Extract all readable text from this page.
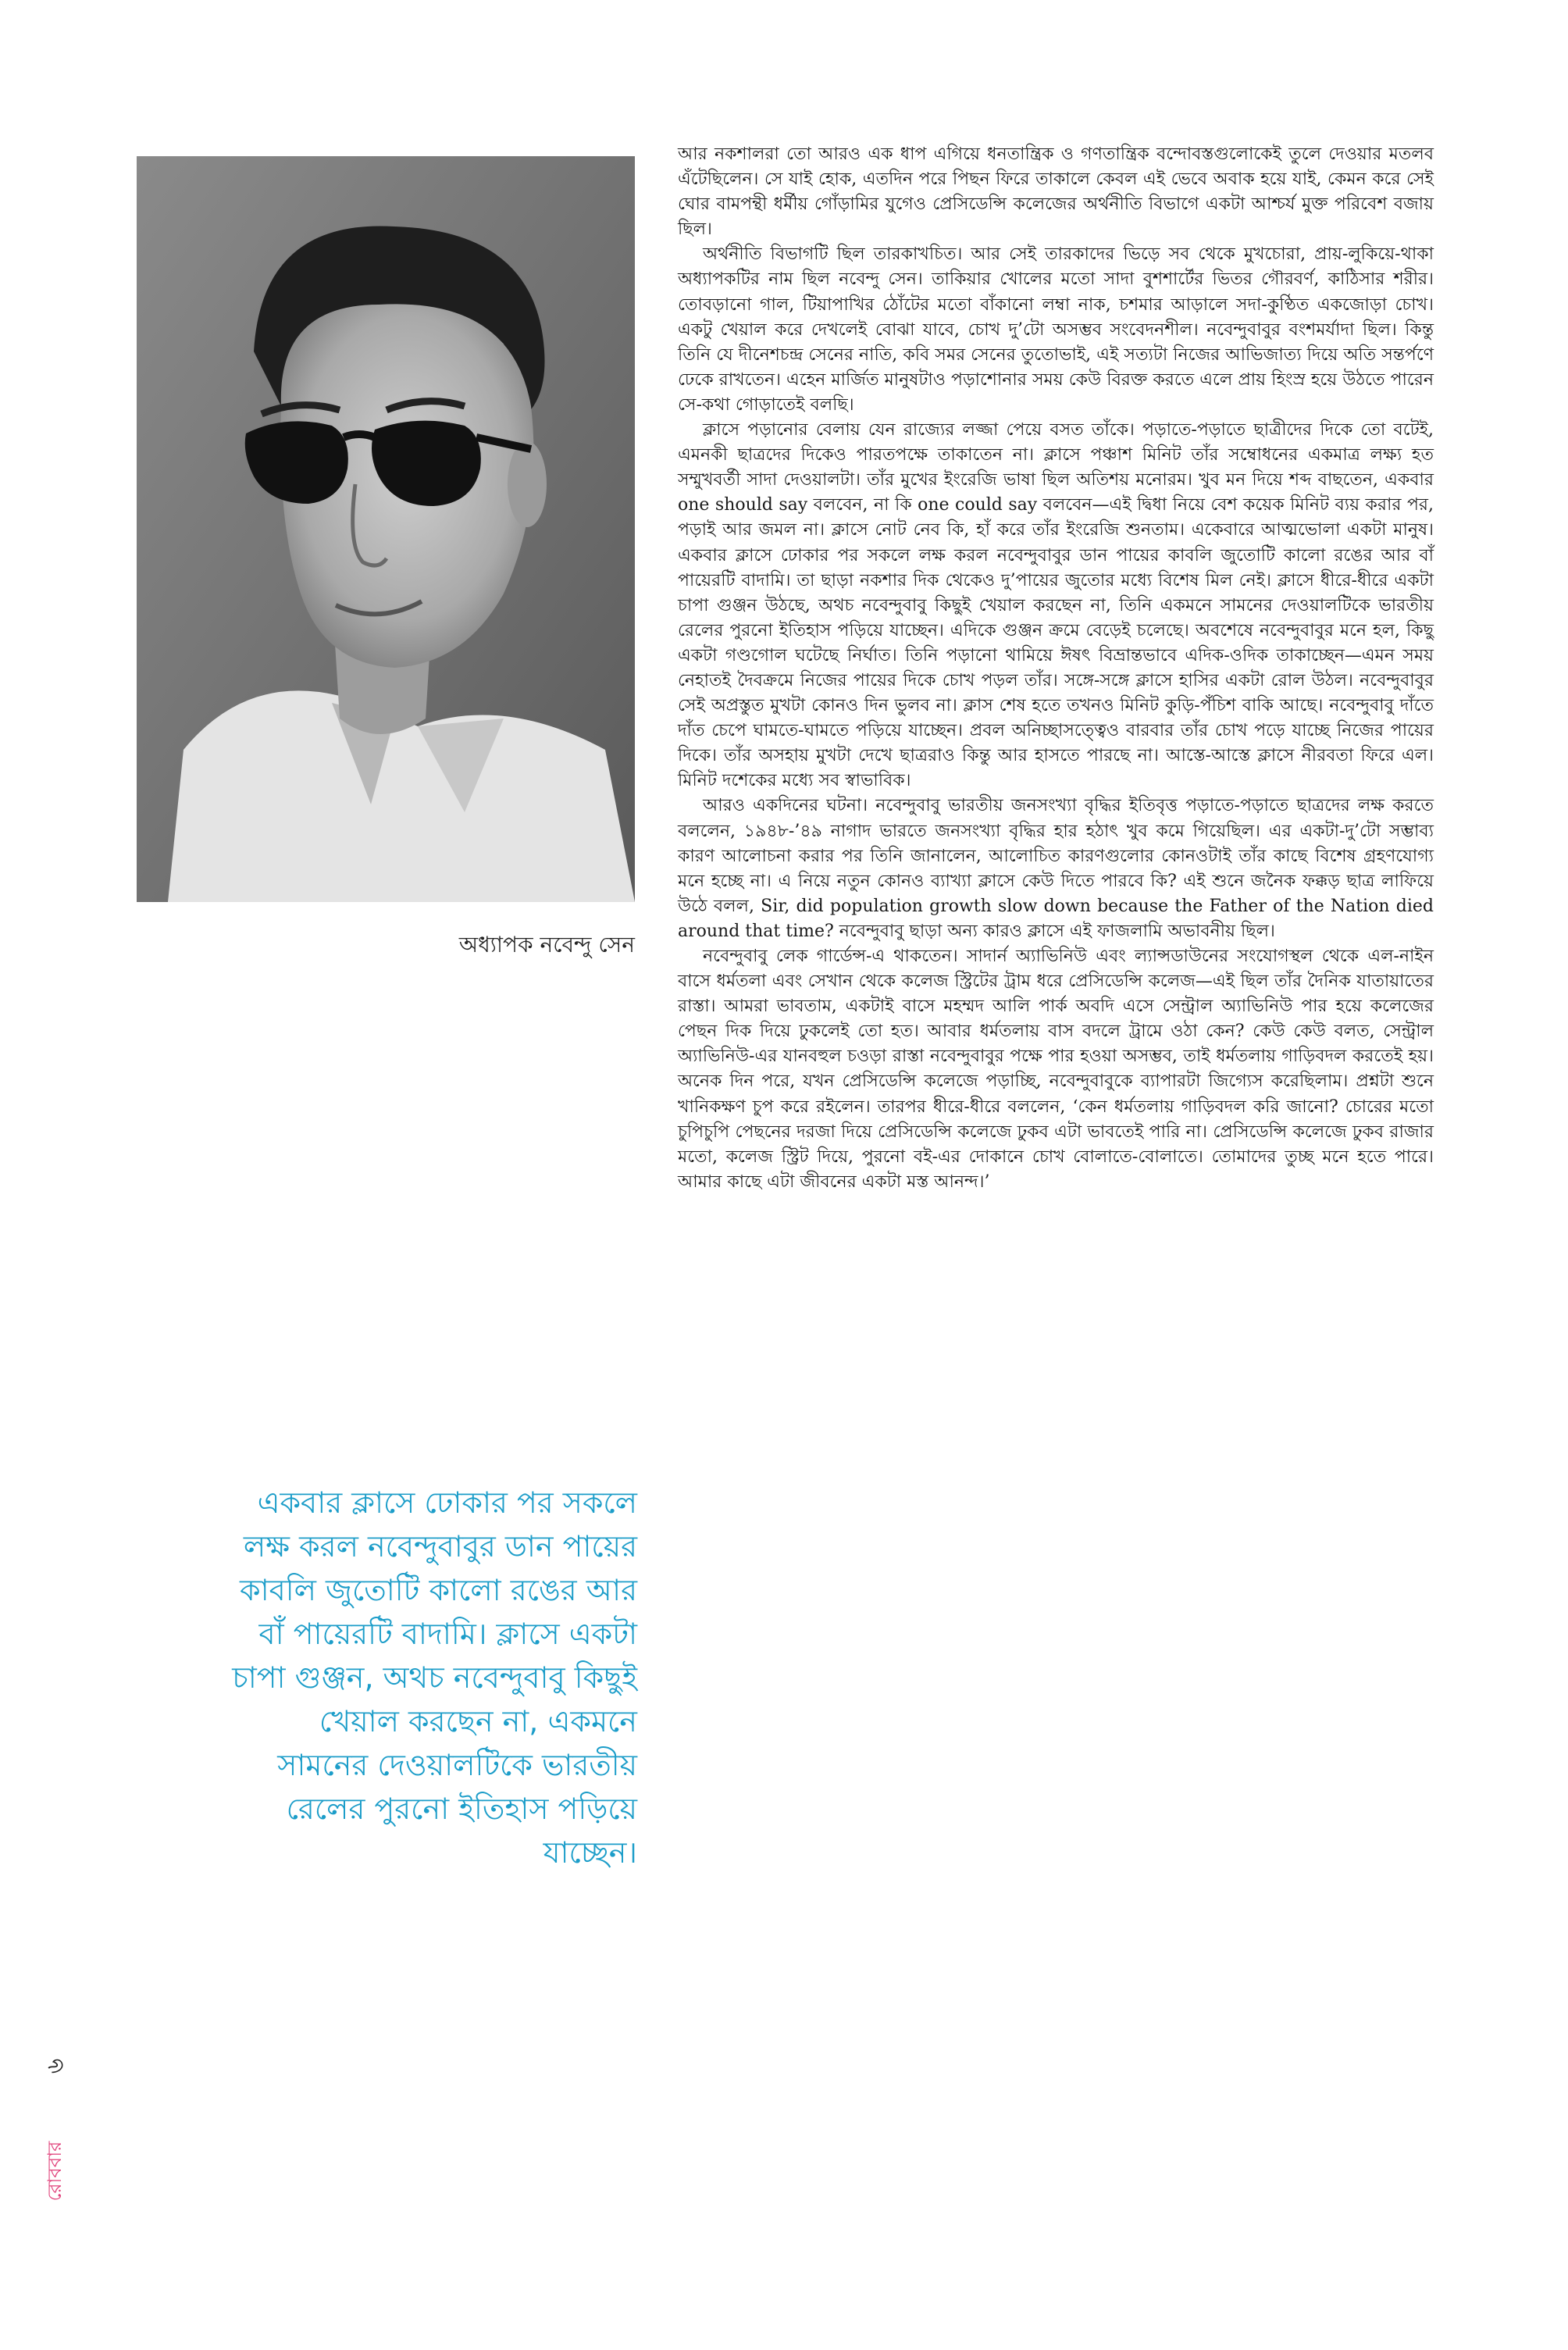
অধ্যাপক নবেন্দু সেন
একবার ক্লাসে ঢোকার পর সকলে লক্ষ করল নবেন্দুবাবুর ডান পায়ের কাবলি জুতোটি কালো রঙের আর বাঁ পায়েরটি বাদামি। ক্লাসে একটা চাপা গুঞ্জন, অথচ নবেন্দুবাবু কিছুই খেয়াল করছেন না, একমনে সামনের দেওয়ালটিকে ভারতীয় রেলের পুরনো ইতিহাস পড়িয়ে যাচ্ছেন।

আর নকশালরা তো আরও এক ধাপ এগিয়ে ধনতান্ত্রিক ও গণতান্ত্রিক বন্দোবস্তগুলোকেই তুলে দেওয়ার মতলব এঁটেছিলেন। সে যাই হোক, এতদিন পরে পিছন ফিরে তাকালে কেবল এই ভেবে অবাক হয়ে যাই, কেমন করে সেই ঘোর বামপন্থী ধর্মীয় গোঁড়ামির যুগেও প্রেসিডেন্সি কলেজের অর্থনীতি বিভাগে একটা আশ্চর্য মুক্ত পরিবেশ বজায় ছিল।

অর্থনীতি বিভাগটি ছিল তারকাখচিত। আর সেই তারকাদের ভিড়ে সব থেকে মুখচোরা, প্রায়-লুকিয়ে-থাকা অধ্যাপকটির নাম ছিল নবেন্দু সেন। তাকিয়ার খোলের মতো সাদা বুশশার্টের ভিতর গৌরবর্ণ, কাঠিসার শরীর। তোবড়ানো গাল, টিয়াপাখির ঠোঁটের মতো বাঁকানো লম্বা নাক, চশমার আড়ালে সদা-কুণ্ঠিত একজোড়া চোখ। একটু খেয়াল করে দেখলেই বোঝা যাবে, চোখ দু’টো অসম্ভব সংবেদনশীল। নবেন্দুবাবুর বংশমর্যাদা ছিল। কিন্তু তিনি যে দীনেশচন্দ্র সেনের নাতি, কবি সমর সেনের তুতোভাই, এই সত্যটা নিজের আভিজাত্য দিয়ে অতি সন্তর্পণে ঢেকে রাখতেন। এহেন মার্জিত মানুষটাও পড়াশোনার সময় কেউ বিরক্ত করতে এলে প্রায় হিংস্র হয়ে উঠতে পারেন সে-কথা গোড়াতেই বলছি।

ক্লাসে পড়ানোর বেলায় যেন রাজ্যের লজ্জা পেয়ে বসত তাঁকে। পড়াতে-পড়াতে ছাত্রীদের দিকে তো বটেই, এমনকী ছাত্রদের দিকেও পারতপক্ষে তাকাতেন না। ক্লাসে পঞ্চাশ মিনিট তাঁর সম্বোধনের একমাত্র লক্ষ্য হত সম্মুখবর্তী সাদা দেওয়ালটা। তাঁর মুখের ইংরেজি ভাষা ছিল অতিশয় মনোরম। খুব মন দিয়ে শব্দ বাছতেন, একবার one should say বলবেন, না কি one could say বলবেন—এই দ্বিধা নিয়ে বেশ কয়েক মিনিট ব্যয় করার পর, পড়াই আর জমল না। ক্লাসে নোট নেব কি, হাঁ করে তাঁর ইংরেজি শুনতাম। একেবারে আত্মভোলা একটা মানুষ। একবার ক্লাসে ঢোকার পর সকলে লক্ষ করল নবেন্দুবাবুর ডান পায়ের কাবলি জুতোটি কালো রঙের আর বাঁ পায়েরটি বাদামি। তা ছাড়া নকশার দিক থেকেও দু’পায়ের জুতোর মধ্যে বিশেষ মিল নেই। ক্লাসে ধীরে-ধীরে একটা চাপা গুঞ্জন উঠছে, অথচ নবেন্দুবাবু কিছুই খেয়াল করছেন না, তিনি একমনে সামনের দেওয়ালটিকে ভারতীয় রেলের পুরনো ইতিহাস পড়িয়ে যাচ্ছেন। এদিকে গুঞ্জন ক্রমে বেড়েই চলেছে। অবশেষে নবেন্দুবাবুর মনে হল, কিছু একটা গণ্ডগোল ঘটেছে নির্ঘাত। তিনি পড়ানো থামিয়ে ঈষৎ বিভ্রান্তভাবে এদিক-ওদিক তাকাচ্ছেন—এমন সময় নেহাতই দৈবক্রমে নিজের পায়ের দিকে চোখ পড়ল তাঁর। সঙ্গে-সঙ্গে ক্লাসে হাসির একটা রোল উঠল। নবেন্দুবাবুর সেই অপ্রস্তুত মুখটা কোনও দিন ভুলব না। ক্লাস শেষ হতে তখনও মিনিট কুড়ি-পঁচিশ বাকি আছে। নবেন্দুবাবু দাঁতে দাঁত চেপে ঘামতে-ঘামতে পড়িয়ে যাচ্ছেন। প্রবল অনিচ্ছাসত্ত্বেও বারবার তাঁর চোখ পড়ে যাচ্ছে নিজের পায়ের দিকে। তাঁর অসহায় মুখটা দেখে ছাত্ররাও কিন্তু আর হাসতে পারছে না। আস্তে-আস্তে ক্লাসে নীরবতা ফিরে এল। মিনিট দশেকের মধ্যে সব স্বাভাবিক।

আরও একদিনের ঘটনা। নবেন্দুবাবু ভারতীয় জনসংখ্যা বৃদ্ধির ইতিবৃত্ত পড়াতে-পড়াতে ছাত্রদের লক্ষ করতে বললেন, ১৯৪৮-’৪৯ নাগাদ ভারতে জনসংখ্যা বৃদ্ধির হার হঠাৎ খুব কমে গিয়েছিল। এর একটা-দু’টো সম্ভাব্য কারণ আলোচনা করার পর তিনি জানালেন, আলোচিত কারণগুলোর কোনওটাই তাঁর কাছে বিশেষ গ্রহণযোগ্য মনে হচ্ছে না। এ নিয়ে নতুন কোনও ব্যাখ্যা ক্লাসে কেউ দিতে পারবে কি? এই শুনে জনৈক ফক্কড় ছাত্র লাফিয়ে উঠে বলল, Sir, did population growth slow down because the Father of the Nation died around that time? নবেন্দুবাবু ছাড়া অন্য কারও ক্লাসে এই ফাজলামি অভাবনীয় ছিল।

নবেন্দুবাবু লেক গার্ডেন্স-এ থাকতেন। সাদার্ন অ্যাভিনিউ এবং ল্যান্সডাউনের সংযোগস্থল থেকে এল-নাইন বাসে ধর্মতলা এবং সেখান থেকে কলেজ স্ট্রিটের ট্রাম ধরে প্রেসিডেন্সি কলেজ—এই ছিল তাঁর দৈনিক যাতায়াতের রাস্তা। আমরা ভাবতাম, একটাই বাসে মহম্মদ আলি পার্ক অবদি এসে সেন্ট্রাল অ্যাভিনিউ পার হয়ে কলেজের পেছন দিক দিয়ে ঢুকলেই তো হত। আবার ধর্মতলায় বাস বদলে ট্রামে ওঠা কেন? কেউ কেউ বলত, সেন্ট্রাল অ্যাভিনিউ-এর যানবহুল চওড়া রাস্তা নবেন্দুবাবুর পক্ষে পার হওয়া অসম্ভব, তাই ধর্মতলায় গাড়িবদল করতেই হয়। অনেক দিন পরে, যখন প্রেসিডেন্সি কলেজে পড়াচ্ছি, নবেন্দুবাবুকে ব্যাপারটা জিগ্যেস করেছিলাম। প্রশ্নটা শুনে খানিকক্ষণ চুপ করে রইলেন। তারপর ধীরে-ধীরে বললেন, ‘কেন ধর্মতলায় গাড়িবদল করি জানো? চোরের মতো চুপিচুপি পেছনের দরজা দিয়ে প্রেসিডেন্সি কলেজে ঢুকব এটা ভাবতেই পারি না। প্রেসিডেন্সি কলেজে ঢুকব রাজার মতো, কলেজ স্ট্রিট দিয়ে, পুরনো বই-এর দোকানে চোখ বোলাতে-বোলাতে। তোমাদের তুচ্ছ মনে হতে পারে। আমার কাছে এটা জীবনের একটা মস্ত আনন্দ।’

৬
রোববার
